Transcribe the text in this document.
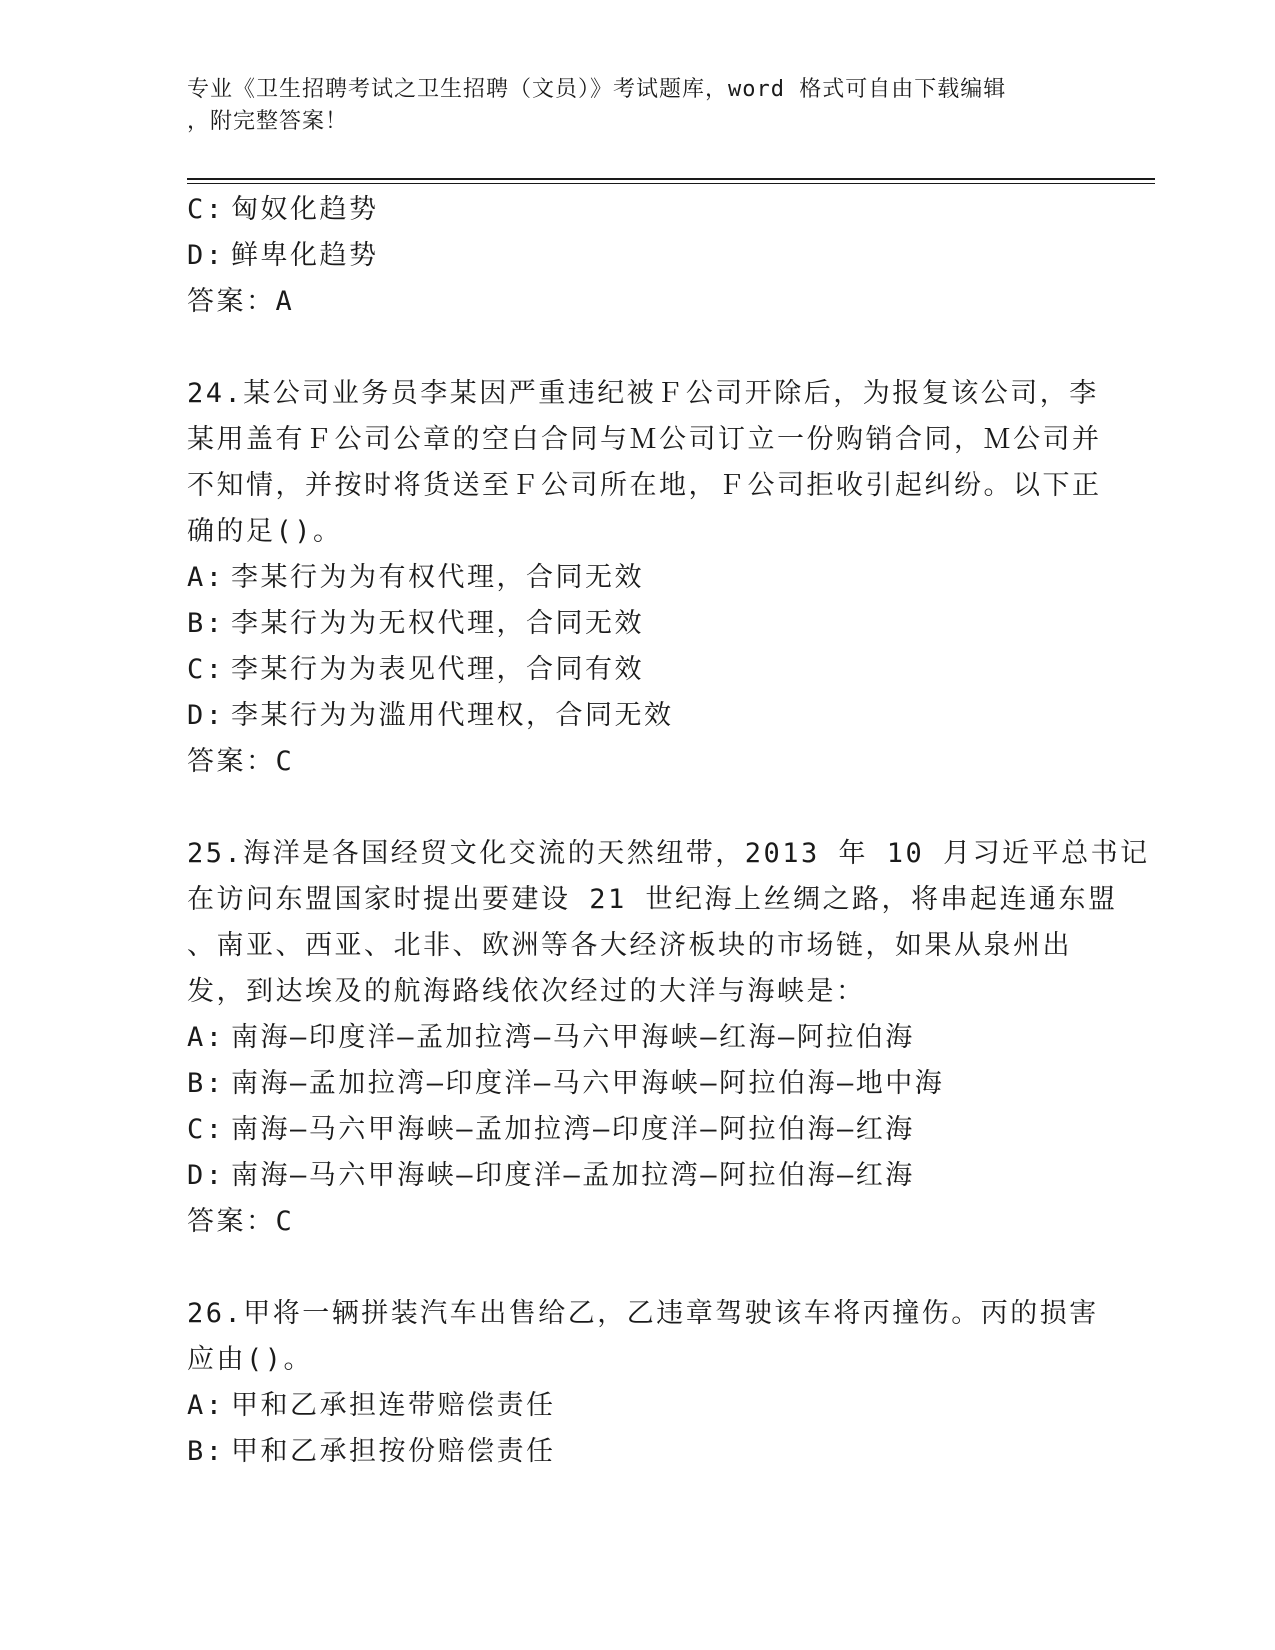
专业《卫生招聘考试之卫生招聘（文员）》考试题库，word 格式可自由下载编辑
，附完整答案！
C: 匈奴化趋势
D: 鲜卑化趋势
答案：A
24.某公司业务员李某因严重违纪被Ｆ公司开除后，为报复该公司，李
某用盖有Ｆ公司公章的空白合同与Ｍ公司订立一份购销合同，Ｍ公司并
不知情，并按时将货送至Ｆ公司所在地，Ｆ公司拒收引起纠纷。以下正
确的足()。
A: 李某行为为有权代理，合同无效
B: 李某行为为无权代理，合同无效
C: 李某行为为表见代理，合同有效
D: 李某行为为滥用代理权，合同无效
答案：C
25.海洋是各国经贸文化交流的天然纽带，2013 年 10 月习近平总书记
在访问东盟国家时提出要建设 21 世纪海上丝绸之路，将串起连通东盟
、南亚、西亚、北非、欧洲等各大经济板块的市场链，如果从泉州出
发，到达埃及的航海路线依次经过的大洋与海峡是：
A: 南海—印度洋—孟加拉湾—马六甲海峡—红海—阿拉伯海
B: 南海—孟加拉湾—印度洋—马六甲海峡—阿拉伯海—地中海
C: 南海—马六甲海峡—孟加拉湾—印度洋—阿拉伯海—红海
D: 南海—马六甲海峡—印度洋—孟加拉湾—阿拉伯海—红海
答案：C
26.甲将一辆拼装汽车出售给乙，乙违章驾驶该车将丙撞伤。丙的损害
应由()。
A: 甲和乙承担连带赔偿责任
B: 甲和乙承担按份赔偿责任
